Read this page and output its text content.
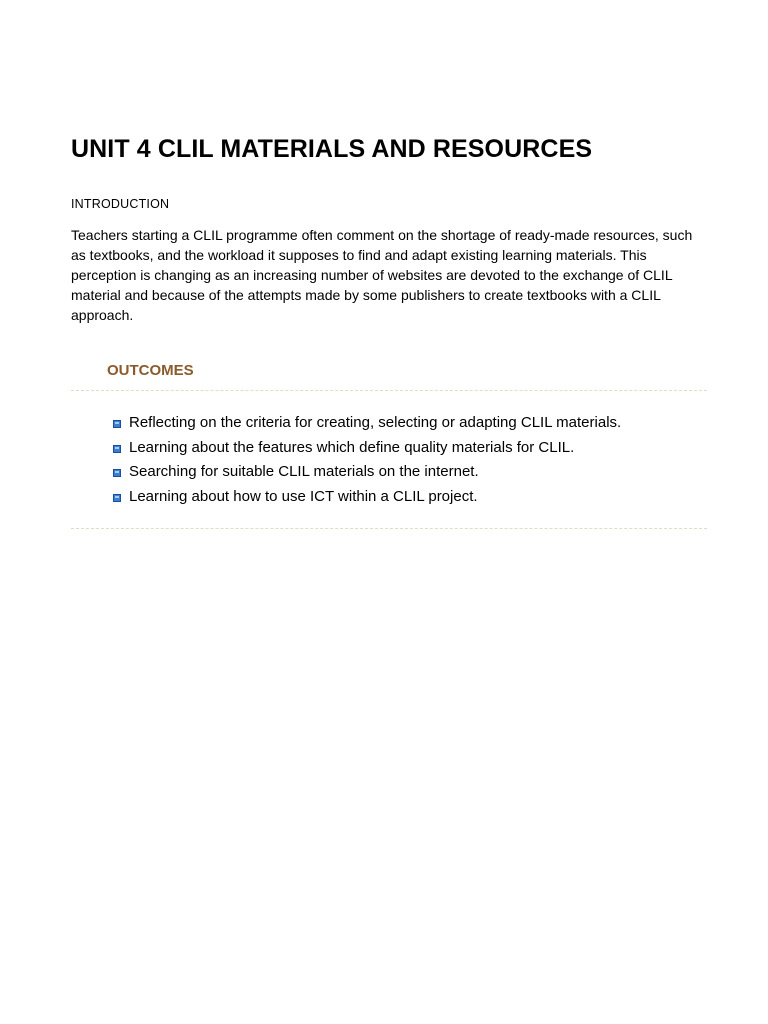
UNIT 4 CLIL MATERIALS AND RESOURCES
INTRODUCTION

Teachers starting a CLIL programme often comment on the shortage of ready-made resources, such as textbooks, and the workload it supposes to find and adapt existing learning materials. This perception is changing as an increasing number of websites are devoted to the exchange of CLIL material and because of the attempts made by some publishers to create textbooks with a CLIL approach.

OUTCOMES
Reflecting on the criteria for creating, selecting or adapting CLIL materials.
Learning about the features which define quality materials for CLIL.
Searching for suitable CLIL materials on the internet.
Learning about how to use ICT within a CLIL project.
